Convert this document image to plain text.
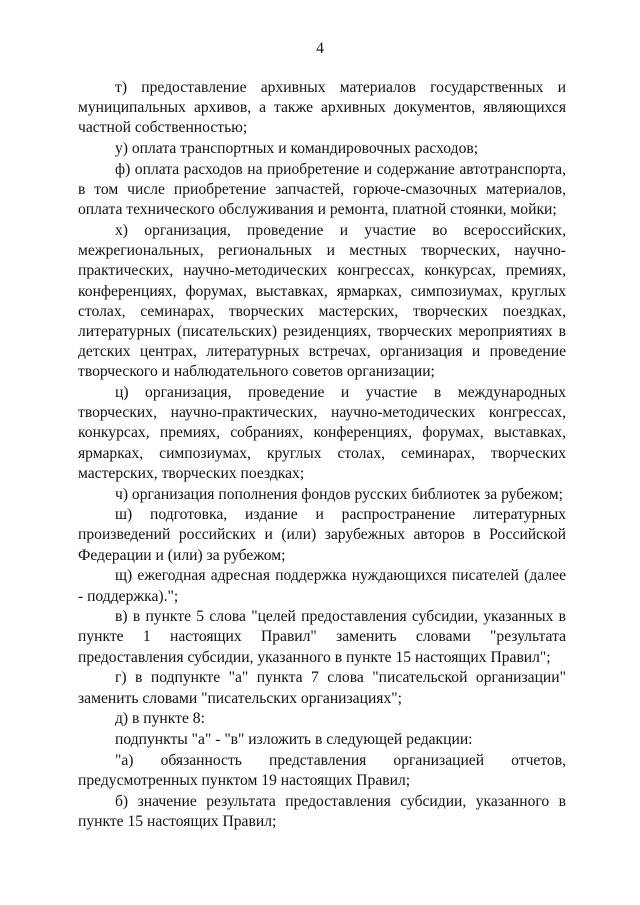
4

т) предоставление архивных материалов государственных и муниципальных архивов, а также архивных документов, являющихся частной собственностью;

у) оплата транспортных и командировочных расходов;

ф) оплата расходов на приобретение и содержание автотранспорта, в том числе приобретение запчастей, горюче-смазочных материалов, оплата технического обслуживания и ремонта, платной стоянки, мойки;

х) организация, проведение и участие во всероссийских, межрегиональных, региональных и местных творческих, научно-практических, научно-методических конгрессах, конкурсах, премиях, конференциях, форумах, выставках, ярмарках, симпозиумах, круглых столах, семинарах, творческих мастерских, творческих поездках, литературных (писательских) резиденциях, творческих мероприятиях в детских центрах, литературных встречах, организация и проведение творческого и наблюдательного советов организации;

ц) организация, проведение и участие в международных творческих, научно-практических, научно-методических конгрессах, конкурсах, премиях, собраниях, конференциях, форумах, выставках, ярмарках, симпозиумах, круглых столах, семинарах, творческих мастерских, творческих поездках;

ч) организация пополнения фондов русских библиотек за рубежом;

ш) подготовка, издание и распространение литературных произведений российских и (или) зарубежных авторов в Российской Федерации и (или) за рубежом;

щ) ежегодная адресная поддержка нуждающихся писателей (далее - поддержка).";

в) в пункте 5 слова "целей предоставления субсидии, указанных в пункте 1 настоящих Правил" заменить словами "результата предоставления субсидии, указанного в пункте 15 настоящих Правил";

г) в подпункте "а" пункта 7 слова "писательской организации" заменить словами "писательских организациях";

д) в пункте 8:

подпункты "а" - "в" изложить в следующей редакции:

"а) обязанность представления организацией отчетов, предусмотренных пунктом 19 настоящих Правил;

б) значение результата предоставления субсидии, указанного в пункте 15 настоящих Правил;
